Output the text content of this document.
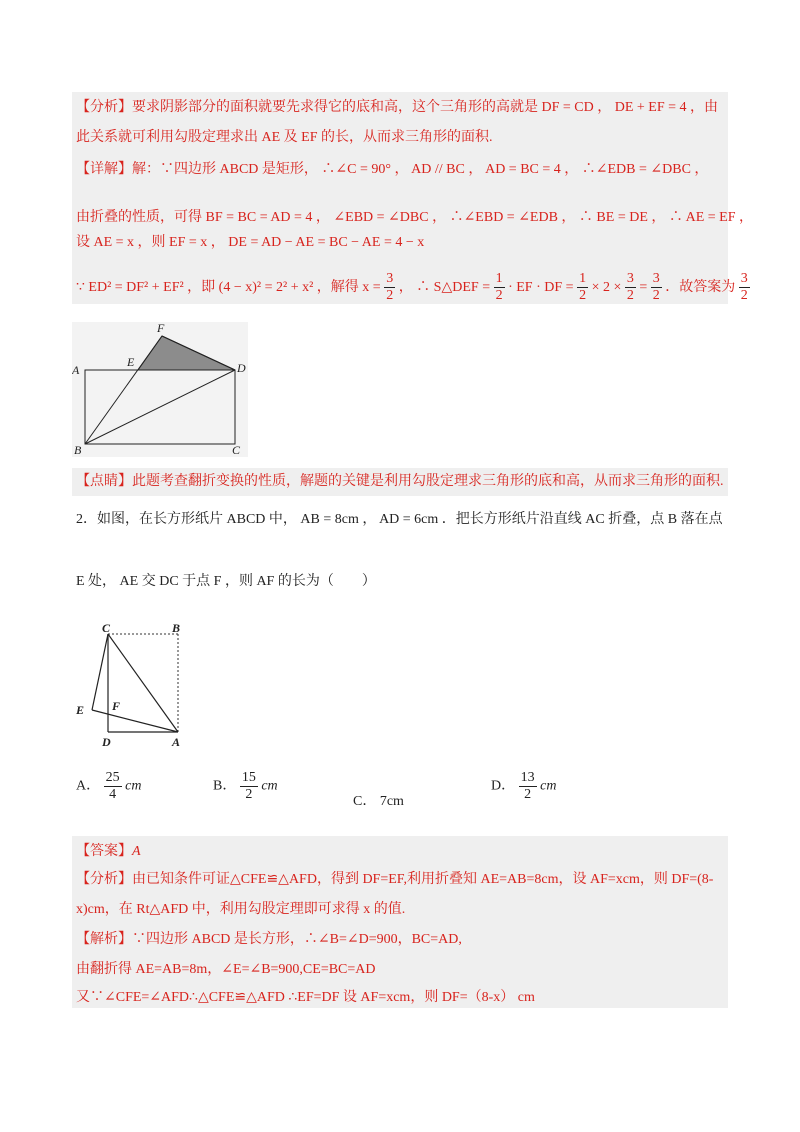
【分析】要求阴影部分的面积就要先求得它的底和高，这个三角形的高就是 DF = CD ， DE + EF = 4 ，由
此关系就可利用勾股定理求出 AE 及 EF 的长，从而求三角形的面积.
【详解】解：∵四边形 ABCD 是矩形， ∴∠C = 90° ， AD // BC ， AD = BC = 4 ， ∴∠EDB = ∠DBC ，
由折叠的性质，可得 BF = BC = AD = 4 ， ∠EBD = ∠DBC ， ∴∠EBD = ∠EDB ， ∴ BE = DE ， ∴ AE = EF ，
设 AE = x ，则 EF = x ， DE = AD − AE = BC − AE = 4 − x
∵ ED² = DF² + EF² ，即 (4 − x)² = 2² + x² ，解得 $x = \frac{3}{2}$ ， ∴ S△DEF = $\frac{1}{2}$ · EF · DF = $\frac{1}{2} \times 2 \times \frac{3}{2} = \frac{3}{2}$ ．故答案为 $\frac{3}{2}$
A
B	C
D
E
F
【点睛】此题考查翻折变换的性质，解题的关键是利用勾股定理求三角形的底和高，从而求三角形的面积.
2．如图，在长方形纸片 ABCD 中， AB = 8cm ， AD = 6cm ．把长方形纸片沿直线 AC 折叠，点 B 落在点
E 处， AE 交 DC 于点 F ，则 AF 的长为（　　）
C	B
E F
D	A
A． $\frac{25}{4}$ cm	B． $\frac{15}{2}$ cm
C． 7cm
D． $\frac{13}{2}$ cm
【答案】A
【分析】由已知条件可证△CFE≌△AFD，得到 DF=EF,利用折叠知 AE=AB=8cm，设 AF=xcm，则 DF=(8-
x)cm，在 Rt△AFD 中，利用勾股定理即可求得 x 的值.
【解析】∵四边形 ABCD 是长方形，∴∠B=∠D=900，BC=AD,
由翻折得 AE=AB=8m，∠E=∠B=900,CE=BC=AD
又∵∠CFE=∠AFD∴△CFE≌△AFD ∴EF=DF 设 AF=xcm，则 DF=（8-x） cm
